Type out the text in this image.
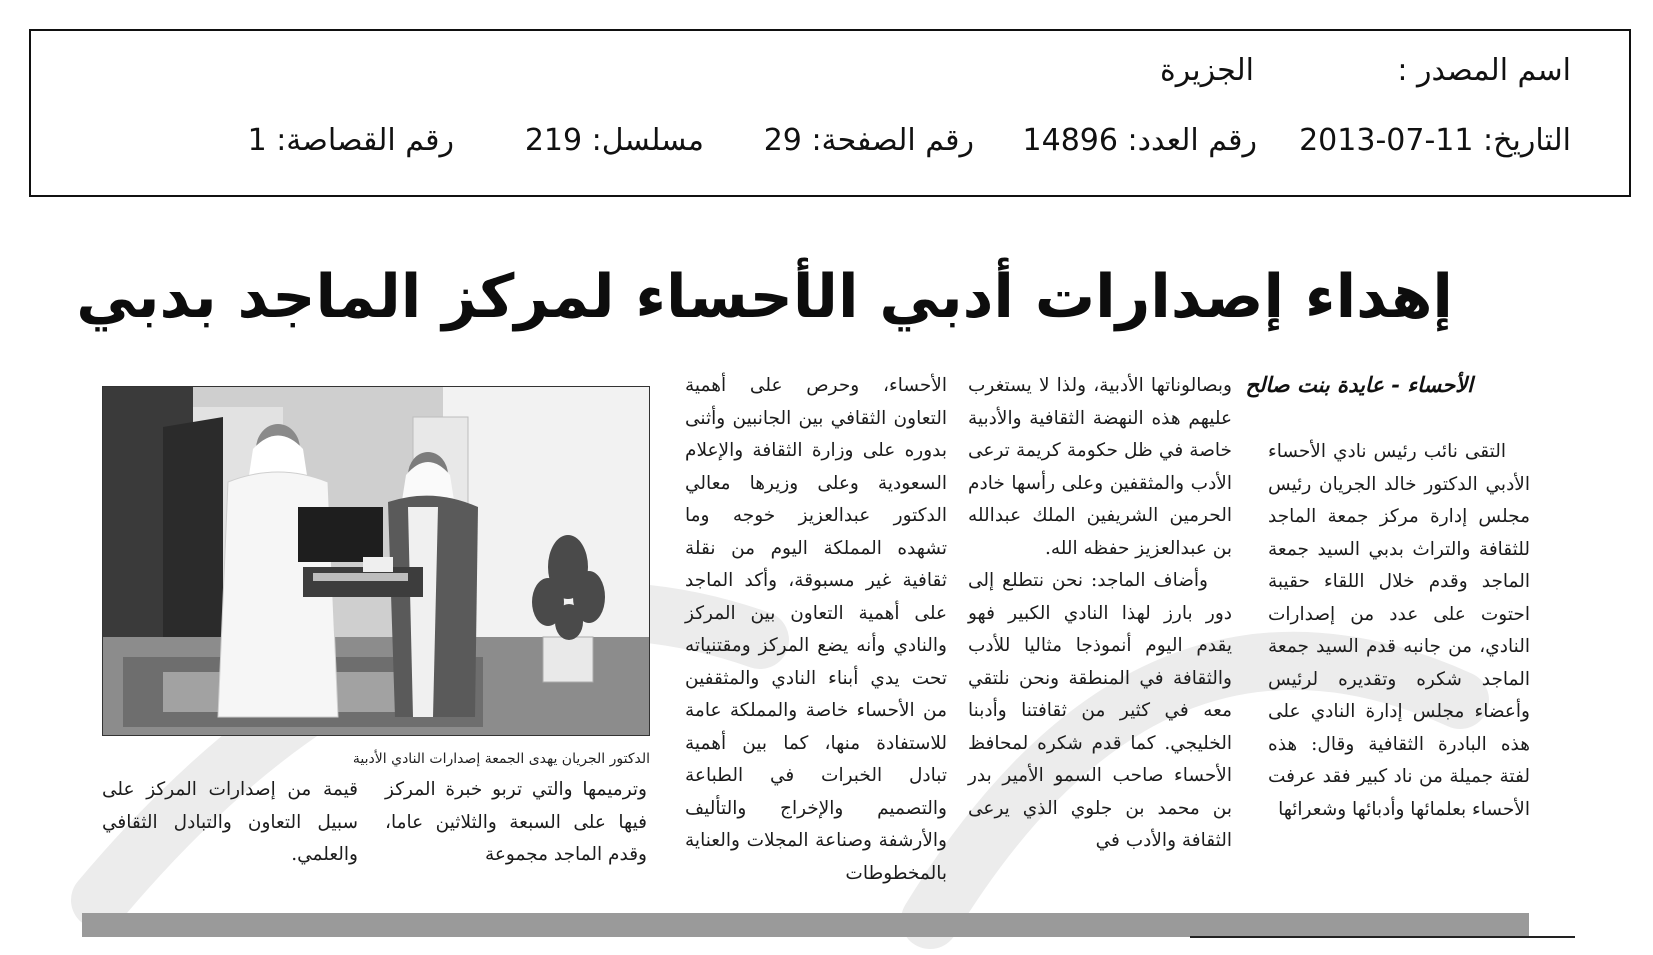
اسم المصدر :
الجزيرة
التاريخ: 11-07-2013
رقم العدد: 14896
رقم الصفحة: 29
مسلسل: 219
رقم القصاصة: 1
إهداء إصدارات أدبي الأحساء لمركز الماجد بدبي
الأحساء - عايدة بنت صالح

التقى نائب رئيس نادي الأحساء الأدبي الدكتور خالد الجريان رئيس مجلس إدارة مركز جمعة الماجد للثقافة والتراث بدبي السيد جمعة الماجد وقدم خلال اللقاء حقيبة احتوت على عدد من إصدارات النادي، من جانبه قدم السيد جمعة الماجد شكره وتقديره لرئيس وأعضاء مجلس إدارة النادي على هذه البادرة الثقافية وقال: هذه لفتة جميلة من ناد كبير فقد عرفت الأحساء بعلمائها وأدبائها وشعرائها

وبصالوناتها الأدبية، ولذا لا يستغرب عليهم هذه النهضة الثقافية والأدبية خاصة في ظل حكومة كريمة ترعى الأدب والمثقفين وعلى رأسها خادم الحرمين الشريفين الملك عبدالله بن عبدالعزيز حفظه الله.

وأضاف الماجد: نحن نتطلع إلى دور بارز لهذا النادي الكبير فهو يقدم اليوم أنموذجا مثاليا للأدب والثقافة في المنطقة ونحن نلتقي معه في كثير من ثقافتنا وأدبنا الخليجي. كما قدم شكره لمحافظ الأحساء صاحب السمو الأمير بدر بن محمد بن جلوي الذي يرعى الثقافة والأدب في

الأحساء، وحرص على أهمية التعاون الثقافي بين الجانبين وأثنى بدوره على وزارة الثقافة والإعلام السعودية وعلى وزيرها معالي الدكتور عبدالعزيز خوجه وما تشهده المملكة اليوم من نقلة ثقافية غير مسبوقة، وأكد الماجد على أهمية التعاون بين المركز والنادي وأنه يضع المركز ومقتنياته تحت يدي أبناء النادي والمثقفين من الأحساء خاصة والمملكة عامة للاستفادة منها، كما بين أهمية تبادل الخبرات في الطباعة والتصميم والإخراج والتأليف والأرشفة وصناعة المجلات والعناية بالمخطوطات

الدكتور الجريان يهدى الجمعة إصدارات النادي الأدبية

وترميمها والتي تربو خبرة المركز فيها على السبعة والثلاثين عاما، وقدم الماجد مجموعة

قيمة من إصدارات المركز على سبيل التعاون والتبادل الثقافي والعلمي.
